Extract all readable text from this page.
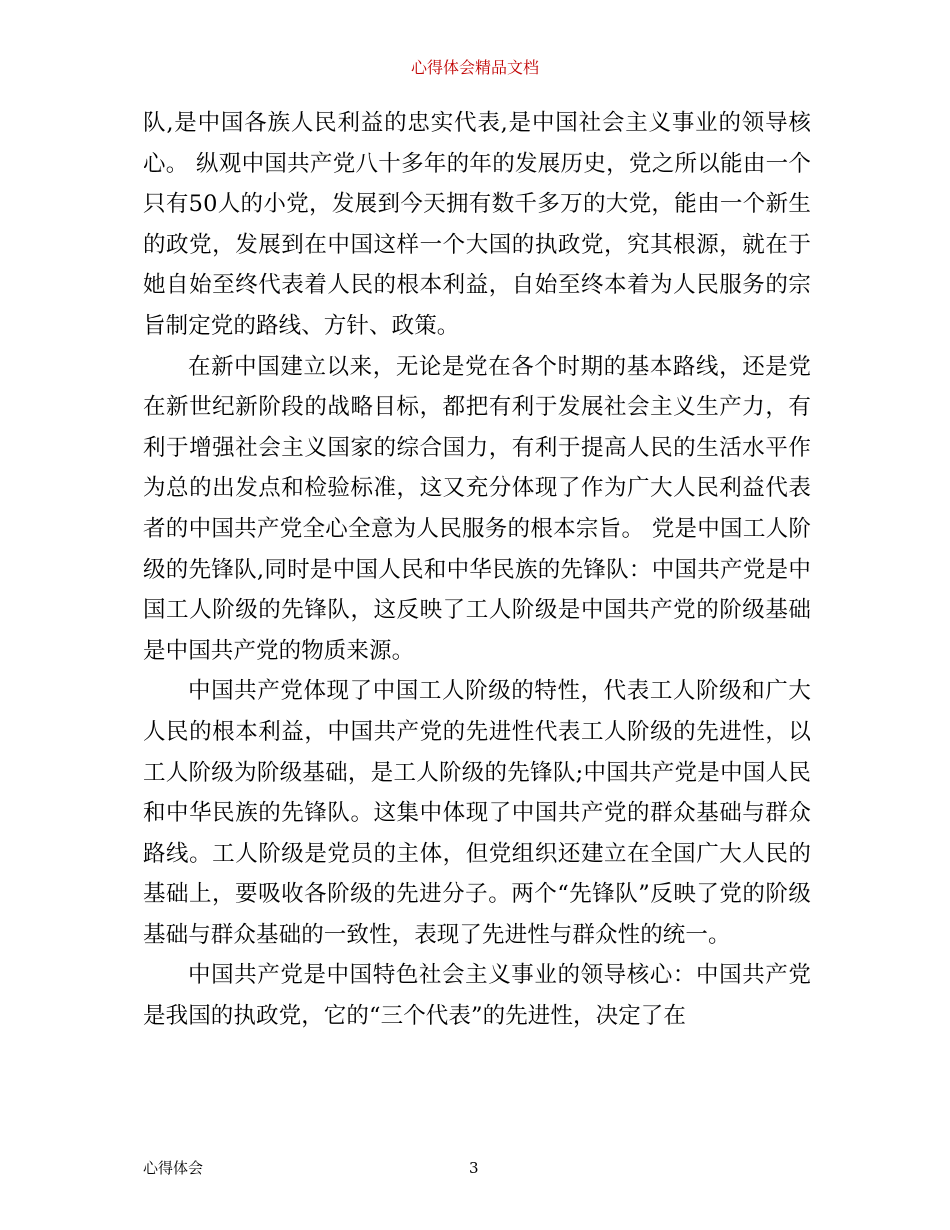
心得体会精品文档

队,是中国各族人民利益的忠实代表,是中国社会主义事业的领导核心。 纵观中国共产党八十多年的年的发展历史，党之所以能由一个只有50人的小党，发展到今天拥有数千多万的大党，能由一个新生的政党，发展到在中国这样一个大国的执政党，究其根源，就在于她自始至终代表着人民的根本利益，自始至终本着为人民服务的宗旨制定党的路线、方针、政策。

在新中国建立以来，无论是党在各个时期的基本路线，还是党在新世纪新阶段的战略目标，都把有利于发展社会主义生产力，有利于增强社会主义国家的综合国力，有利于提高人民的生活水平作为总的出发点和检验标准，这又充分体现了作为广大人民利益代表者的中国共产党全心全意为人民服务的根本宗旨。 党是中国工人阶级的先锋队,同时是中国人民和中华民族的先锋队：中国共产党是中国工人阶级的先锋队，这反映了工人阶级是中国共产党的阶级基础是中国共产党的物质来源。

中国共产党体现了中国工人阶级的特性，代表工人阶级和广大人民的根本利益，中国共产党的先进性代表工人阶级的先进性，以工人阶级为阶级基础，是工人阶级的先锋队;中国共产党是中国人民和中华民族的先锋队。这集中体现了中国共产党的群众基础与群众路线。工人阶级是党员的主体，但党组织还建立在全国广大人民的基础上，要吸收各阶级的先进分子。两个“先锋队”反映了党的阶级基础与群众基础的一致性，表现了先进性与群众性的统一。

中国共产党是中国特色社会主义事业的领导核心：中国共产党是我国的执政党，它的“三个代表”的先进性，决定了在

心得体会	3
